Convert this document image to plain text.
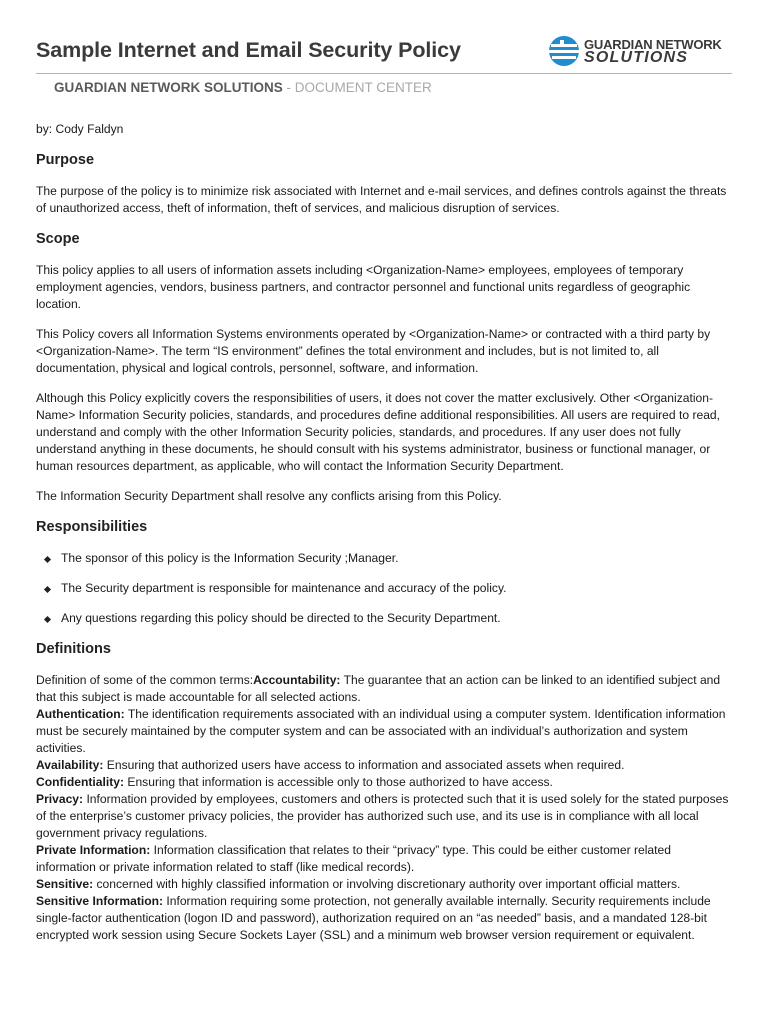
Sample Internet and Email Security Policy	GUARDIAN NETWORK
SOLUTIONS
GUARDIAN NETWORK SOLUTIONS - DOCUMENT CENTER

by: Cody Faldyn

Purpose

The purpose of the policy is to minimize risk associated with Internet and e-mail services, and defines controls against the threats of unauthorized access, theft of information, theft of services, and malicious disruption of services.

Scope

This policy applies to all users of information assets including <Organization-Name> employees, employees of temporary employment agencies, vendors, business partners, and contractor personnel and functional units regardless of geographic location.

This Policy covers all Information Systems environments operated by <Organization-Name> or contracted with a third party by <Organization-Name>. The term “IS environment” defines the total environment and includes, but is not limited to, all documentation, physical and logical controls, personnel, software, and information.

Although this Policy explicitly covers the responsibilities of users, it does not cover the matter exclusively. Other <Organization-Name> Information Security policies, standards, and procedures define additional responsibilities. All users are required to read, understand and comply with the other Information Security policies, standards, and procedures. If any user does not fully understand anything in these documents, he should consult with his systems administrator, business or functional manager, or human resources department, as applicable, who will contact the Information Security Department.

The Information Security Department shall resolve any conflicts arising from this Policy.

Responsibilities
The sponsor of this policy is the Information Security ;Manager.
The Security department is responsible for maintenance and accuracy of the policy.
Any questions regarding this policy should be directed to the Security Department.
Definitions
Definition of some of the common terms:Accountability: The guarantee that an action can be linked to an identified subject and that this subject is made accountable for all selected actions.
Authentication: The identification requirements associated with an individual using a computer system. Identification information must be securely maintained by the computer system and can be associated with an individual’s authorization and system activities.
Availability: Ensuring that authorized users have access to information and associated assets when required.
Confidentiality: Ensuring that information is accessible only to those authorized to have access.
Privacy: Information provided by employees, customers and others is protected such that it is used solely for the stated purposes of the enterprise’s customer privacy policies, the provider has authorized such use, and its use is in compliance with all local government privacy regulations.
Private Information: Information classification that relates to their “privacy” type. This could be either customer related information or private information related to staff (like medical records).
Sensitive: concerned with highly classified information or involving discretionary authority over important official matters.
Sensitive Information: Information requiring some protection, not generally available internally. Security requirements include single-factor authentication (logon ID and password), authorization required on an “as needed” basis, and a mandated 128-bit encrypted work session using Secure Sockets Layer (SSL) and a minimum web browser version requirement or equivalent.
